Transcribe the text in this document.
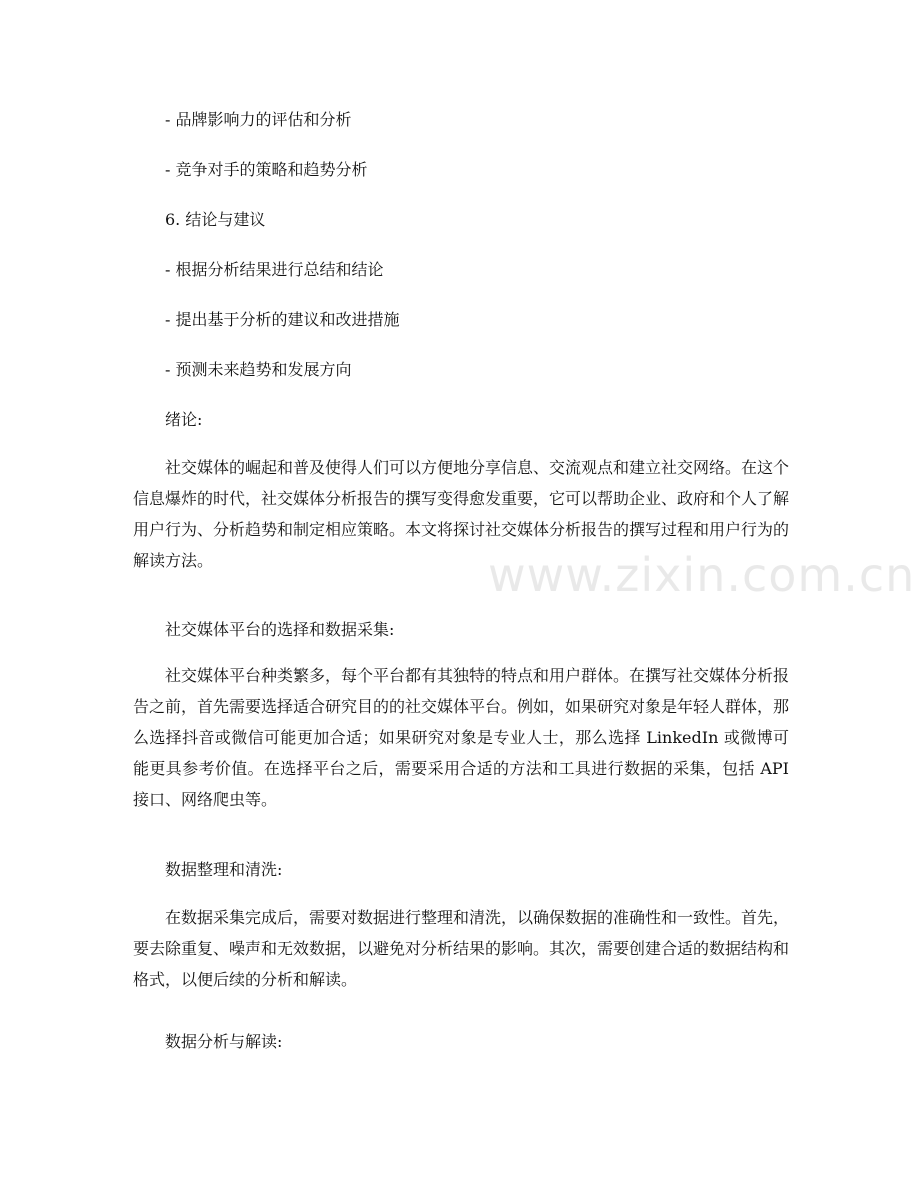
- 品牌影响力的评估和分析
- 竞争对手的策略和趋势分析
6. 结论与建议
- 根据分析结果进行总结和结论
- 提出基于分析的建议和改进措施
- 预测未来趋势和发展方向
绪论:

社交媒体的崛起和普及使得人们可以方便地分享信息、交流观点和建立社交网络。在这个信息爆炸的时代，社交媒体分析报告的撰写变得愈发重要，它可以帮助企业、政府和个人了解用户行为、分析趋势和制定相应策略。本文将探讨社交媒体分析报告的撰写过程和用户行为的解读方法。

社交媒体平台的选择和数据采集:

社交媒体平台种类繁多，每个平台都有其独特的特点和用户群体。在撰写社交媒体分析报告之前，首先需要选择适合研究目的的社交媒体平台。例如，如果研究对象是年轻人群体，那么选择抖音或微信可能更加合适；如果研究对象是专业人士，那么选择 LinkedIn 或微博可能更具参考价值。在选择平台之后，需要采用合适的方法和工具进行数据的采集，包括 API 接口、网络爬虫等。

数据整理和清洗:

在数据采集完成后，需要对数据进行整理和清洗，以确保数据的准确性和一致性。首先，要去除重复、噪声和无效数据，以避免对分析结果的影响。其次，需要创建合适的数据结构和格式，以便后续的分析和解读。

数据分析与解读:
www.zixin.com.cn
